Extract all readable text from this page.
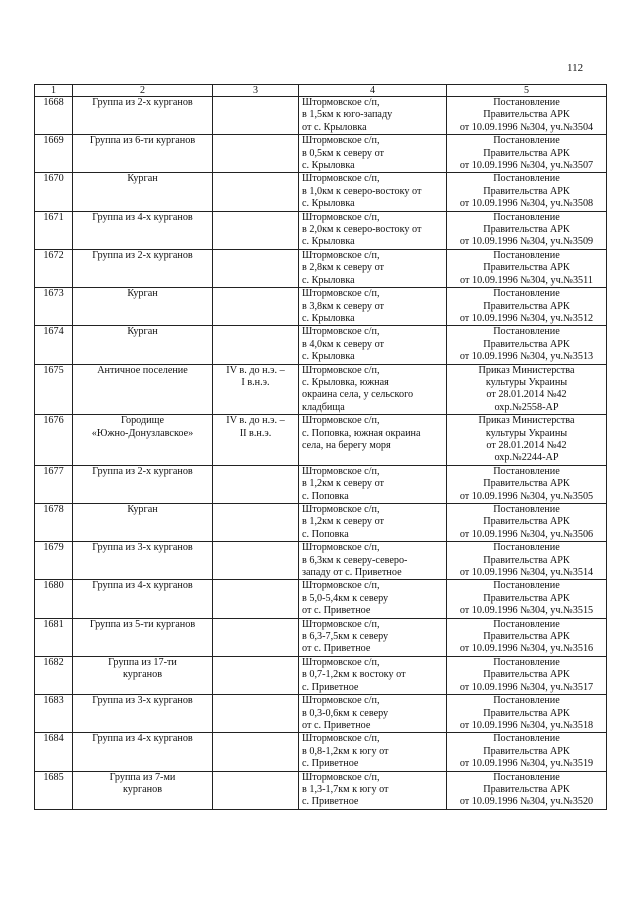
112
1	2	3	4	5
1668	Группа из 2-х курганов		Штормовское с/п,
в 1,5км к юго-западу
от с. Крыловка	Постановление
Правительства АРК
от 10.09.1996 №304, уч.№3504

1669	Группа из 6-ти курганов		Штормовское с/п,
в 0,5км к северу от
с. Крыловка	Постановление
Правительства АРК
от 10.09.1996 №304, уч.№3507

1670	Курган		Штормовское с/п,
в 1,0км к северо-востоку от
с. Крыловка	Постановление
Правительства АРК
от 10.09.1996 №304, уч.№3508

1671	Группа из 4-х курганов		Штормовское с/п,
в 2,0км к северо-востоку от
с. Крыловка	Постановление
Правительства АРК
от 10.09.1996 №304, уч.№3509

1672	Группа из 2-х курганов		Штормовское с/п,
в 2,8км к северу от
с. Крыловка	Постановление
Правительства АРК
от 10.09.1996 №304, уч.№3511

1673	Курган		Штормовское с/п,
в 3,8км к северу от
с. Крыловка	Постановление
Правительства АРК
от 10.09.1996 №304, уч.№3512

1674	Курган		Штормовское с/п,
в 4,0км к северу от
с. Крыловка	Постановление
Правительства АРК
от 10.09.1996 №304, уч.№3513

1675	Античное поселение	IV в. до н.э. –
I в.н.э.	Штормовское с/п,
с. Крыловка, южная
окраина села, у сельского
кладбища	Приказ Министерства
культуры Украины
от 28.01.2014 №42
охр.№2558-АР

1676	Городище
«Южно-Донузлавское»	IV в. до н.э. –
II в.н.э.	Штормовское с/п,
с. Поповка, южная окраина
села, на берегу моря	Приказ Министерства
культуры Украины
от 28.01.2014 №42
охр.№2244-АР

1677	Группа из 2-х курганов		Штормовское с/п,
в 1,2км к северу от
с. Поповка	Постановление
Правительства АРК
от 10.09.1996 №304, уч.№3505

1678	Курган		Штормовское с/п,
в 1,2км к северу от
с. Поповка	Постановление
Правительства АРК
от 10.09.1996 №304, уч.№3506

1679	Группа из 3-х курганов		Штормовское с/п,
в 6,3км к северу-северо-
западу от с. Приветное	Постановление
Правительства АРК
от 10.09.1996 №304, уч.№3514

1680	Группа из 4-х курганов		Штормовское с/п,
в 5,0-5,4км к северу
от с. Приветное	Постановление
Правительства АРК
от 10.09.1996 №304, уч.№3515

1681	Группа из 5-ти курганов		Штормовское с/п,
в 6,3-7,5км к северу
от с. Приветное	Постановление
Правительства АРК
от 10.09.1996 №304, уч.№3516

1682	Группа из 17-ти
курганов		Штормовское с/п,
в 0,7-1,2км к востоку от
с. Приветное	Постановление
Правительства АРК
от 10.09.1996 №304, уч.№3517

1683	Группа из 3-х курганов		Штормовское с/п,
в 0,3-0,6км к северу
от с. Приветное	Постановление
Правительства АРК
от 10.09.1996 №304, уч.№3518

1684	Группа из 4-х курганов		Штормовское с/п,
в 0,8-1,2км к югу от
с. Приветное	Постановление
Правительства АРК
от 10.09.1996 №304, уч.№3519

1685	Группа из 7-ми
курганов		Штормовское с/п,
в 1,3-1,7км к югу от
с. Приветное	Постановление
Правительства АРК
от 10.09.1996 №304, уч.№3520
